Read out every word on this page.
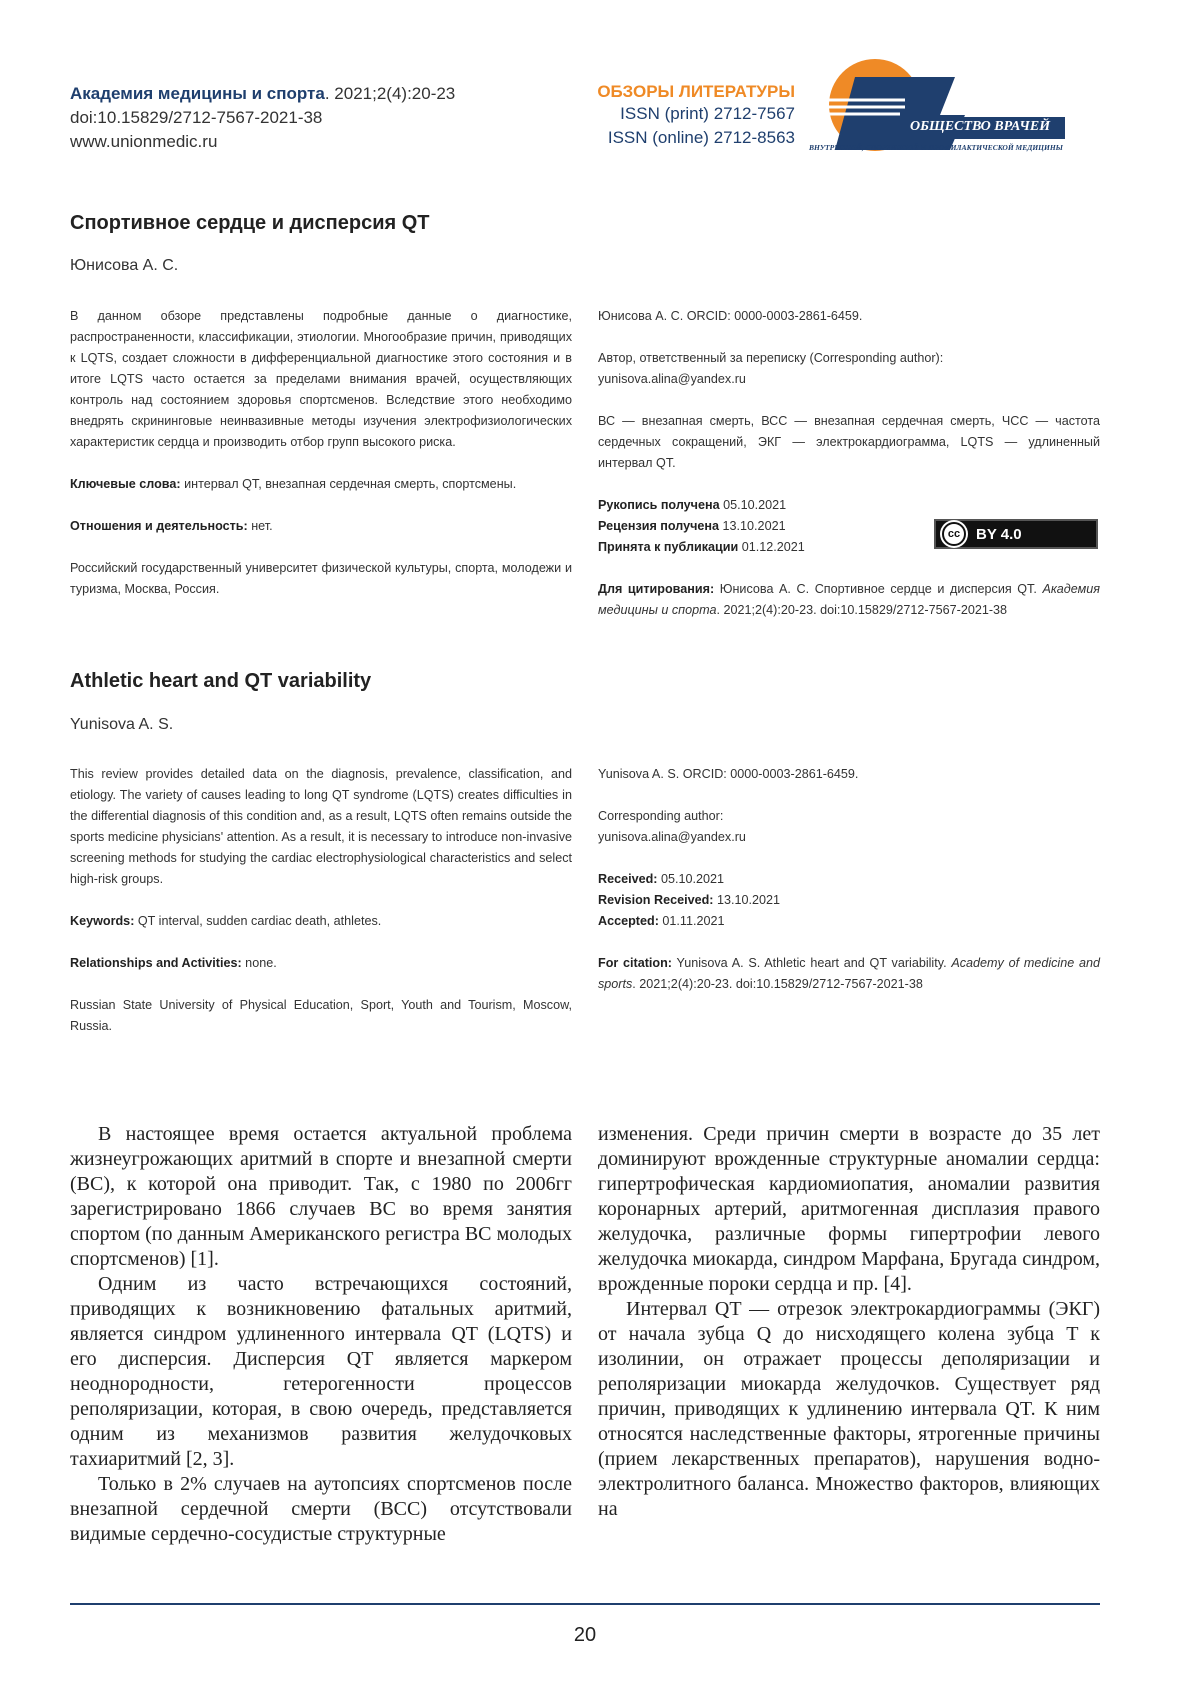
Академия медицины и спорта. 2021;2(4):20-23
doi:10.15829/2712-7567-2021-38
www.unionmedic.ru
ОБЗОРЫ ЛИТЕРАТУРЫ
ISSN (print) 2712-7567
ISSN (online) 2712-8563
ОБЩЕСТВО ВРАЧЕЙ
ВНУТРЕННЕЙ, СПОРТИВНОЙ И ПРОФИЛАКТИЧЕСКОЙ МЕДИЦИНЫ
Спортивное сердце и дисперсия QT
Юнисова А. С.

В данном обзоре представлены подробные данные о диагностике, распространенности, классификации, этиологии. Многообразие причин, приводящих к LQTS, создает сложности в дифференциальной диагностике этого состояния и в итоге LQTS часто остается за пределами внимания врачей, осуществляющих контроль над состоянием здоровья спортсменов. Вследствие этого необходимо внедрять скрининговые неинвазивные методы изучения электрофизиологических характеристик сердца и производить отбор групп высокого риска.

Ключевые слова: интервал QT, внезапная сердечная смерть, спортсмены.

Отношения и деятельность: нет.

Российский государственный университет физической культуры, спорта, молодежи и туризма, Москва, Россия.

Юнисова А. С. ORCID: 0000-0003-2861-6459.

Автор, ответственный за переписку (Corresponding author):
yunisova.alina@yandex.ru

ВС — внезапная смерть, ВСС — внезапная сердечная смерть, ЧСС — частота сердечных сокращений, ЭКГ — электрокардиограмма, LQTS — удлиненный интервал QT.

Рукопись получена 05.10.2021
Рецензия получена 13.10.2021
Принята к публикации 01.12.2021

Для цитирования: Юнисова А. С. Спортивное сердце и дисперсия QT. Академия медицины и спорта. 2021;2(4):20-23. doi:10.15829/2712-7567-2021-38

cc	BY 4.0
Athletic heart and QT variability
Yunisova A. S.

This review provides detailed data on the diagnosis, prevalence, classification, and etiology. The variety of causes leading to long QT syndrome (LQTS) creates difficulties in the differential diagnosis of this condition and, as a result, LQTS often remains outside the sports medicine physicians' attention. As a result, it is necessary to introduce non-invasive screening methods for studying the cardiac electrophysiological characteristics and select high-risk groups.

Keywords: QT interval, sudden cardiac death, athletes.

Relationships and Activities: none.

Russian State University of Physical Education, Sport, Youth and Tourism, Moscow, Russia.

Yunisova A. S. ORCID: 0000-0003-2861-6459.

Corresponding author:
yunisova.alina@yandex.ru

Received: 05.10.2021
Revision Received: 13.10.2021
Accepted: 01.11.2021

For citation: Yunisova A. S. Athletic heart and QT variability. Academy of medicine and sports. 2021;2(4):20-23. doi:10.15829/2712-7567-2021-38

В настоящее время остается актуальной проблема жизнеугрожающих аритмий в спорте и внезапной смерти (ВС), к которой она приводит. Так, с 1980 по 2006гг зарегистрировано 1866 случаев ВС во время занятия спортом (по данным Американского регистра ВС молодых спортсменов) [1].

Одним из часто встречающихся состояний, приводящих к возникновению фатальных аритмий, является синдром удлиненного интервала QT (LQTS) и его дисперсия. Дисперсия QT является маркером неоднородности, гетерогенности процессов реполяризации, которая, в свою очередь, представляется одним из механизмов развития желудочковых тахиаритмий [2, 3].

Только в 2% случаев на аутопсиях спортсменов после внезапной сердечной смерти (ВСС) отсутствовали видимые сердечно-сосудистые структурные

изменения. Среди причин смерти в возрасте до 35 лет доминируют врожденные структурные аномалии сердца: гипертрофическая кардиомиопатия, аномалии развития коронарных артерий, аритмогенная дисплазия правого желудочка, различные формы гипертрофии левого желудочка миокарда, синдром Марфана, Бругада синдром, врожденные пороки сердца и пр. [4].

Интервал QT — отрезок электрокардиограммы (ЭКГ) от начала зубца Q до нисходящего колена зубца T к изолинии, он отражает процессы деполяризации и реполяризации миокарда желудочков. Существует ряд причин, приводящих к удлинению интервала QT. К ним относятся наследственные факторы, ятрогенные причины (прием лекарственных препаратов), нарушения водно-электролитного баланса. Множество факторов, влияющих на

20
